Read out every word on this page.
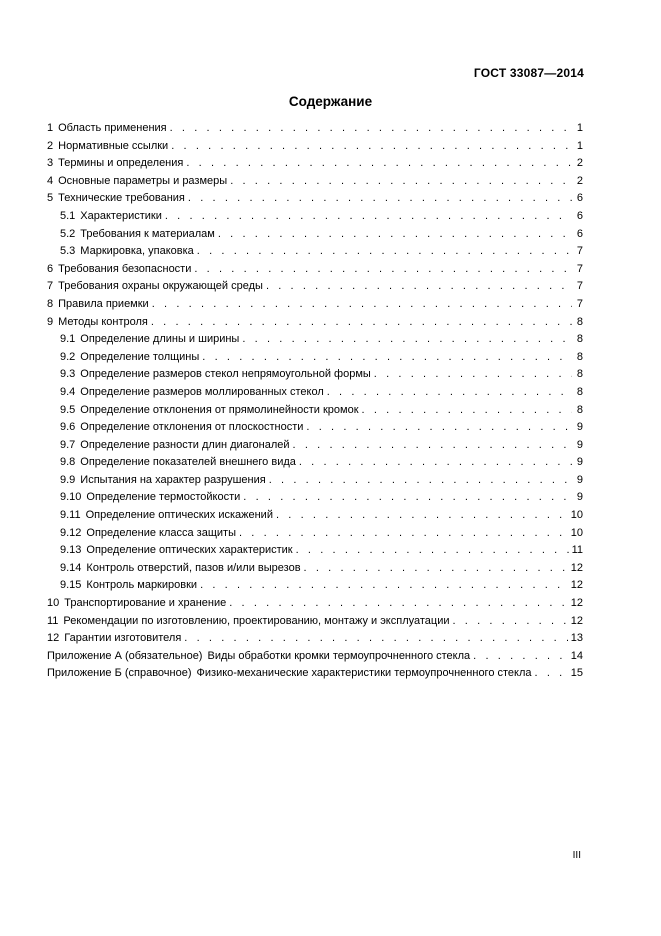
ГОСТ 33087—2014
Содержание
1 Область применения . . .	1
2 Нормативные ссылки . . .	1
3 Термины и определения . . .	2
4 Основные параметры и размеры . . .	2
5 Технические требования . . .	6
5.1 Характеристики . . .	6
5.2 Требования к материалам . . .	6
5.3 Маркировка, упаковка . . .	7
6 Требования безопасности . . .	7
7 Требования охраны окружающей среды . . .	7
8 Правила приемки . . .	7
9 Методы контроля . . .	8
9.1 Определение длины и ширины . . .	8
9.2 Определение толщины . . .	8
9.3 Определение размеров стекол непрямоугольной формы . . .	8
9.4 Определение размеров моллированных стекол . . .	8
9.5 Определение отклонения от прямолинейности кромок . . .	8
9.6 Определение отклонения от плоскостности . . .	9
9.7 Определение разности длин диагоналей . . .	9
9.8 Определение показателей внешнего вида . . .	9
9.9 Испытания на характер разрушения . . .	9
9.10 Определение термостойкости . . .	9
9.11 Определение оптических искажений . . .	10
9.12 Определение класса защиты . . .	10
9.13 Определение оптических характеристик . . .	11
9.14 Контроль отверстий, пазов и/или вырезов . . .	12
9.15 Контроль маркировки . . .	12
10 Транспортирование и хранение . . .	12
11 Рекомендации по изготовлению, проектированию, монтажу и эксплуатации . . .	12
12 Гарантии изготовителя . . .	13
Приложение А (обязательное) Виды обработки кромки термоупрочненного стекла . . .	14
Приложение Б (справочное) Физико-механические характеристики термоупрочненного стекла . . .	15
III
